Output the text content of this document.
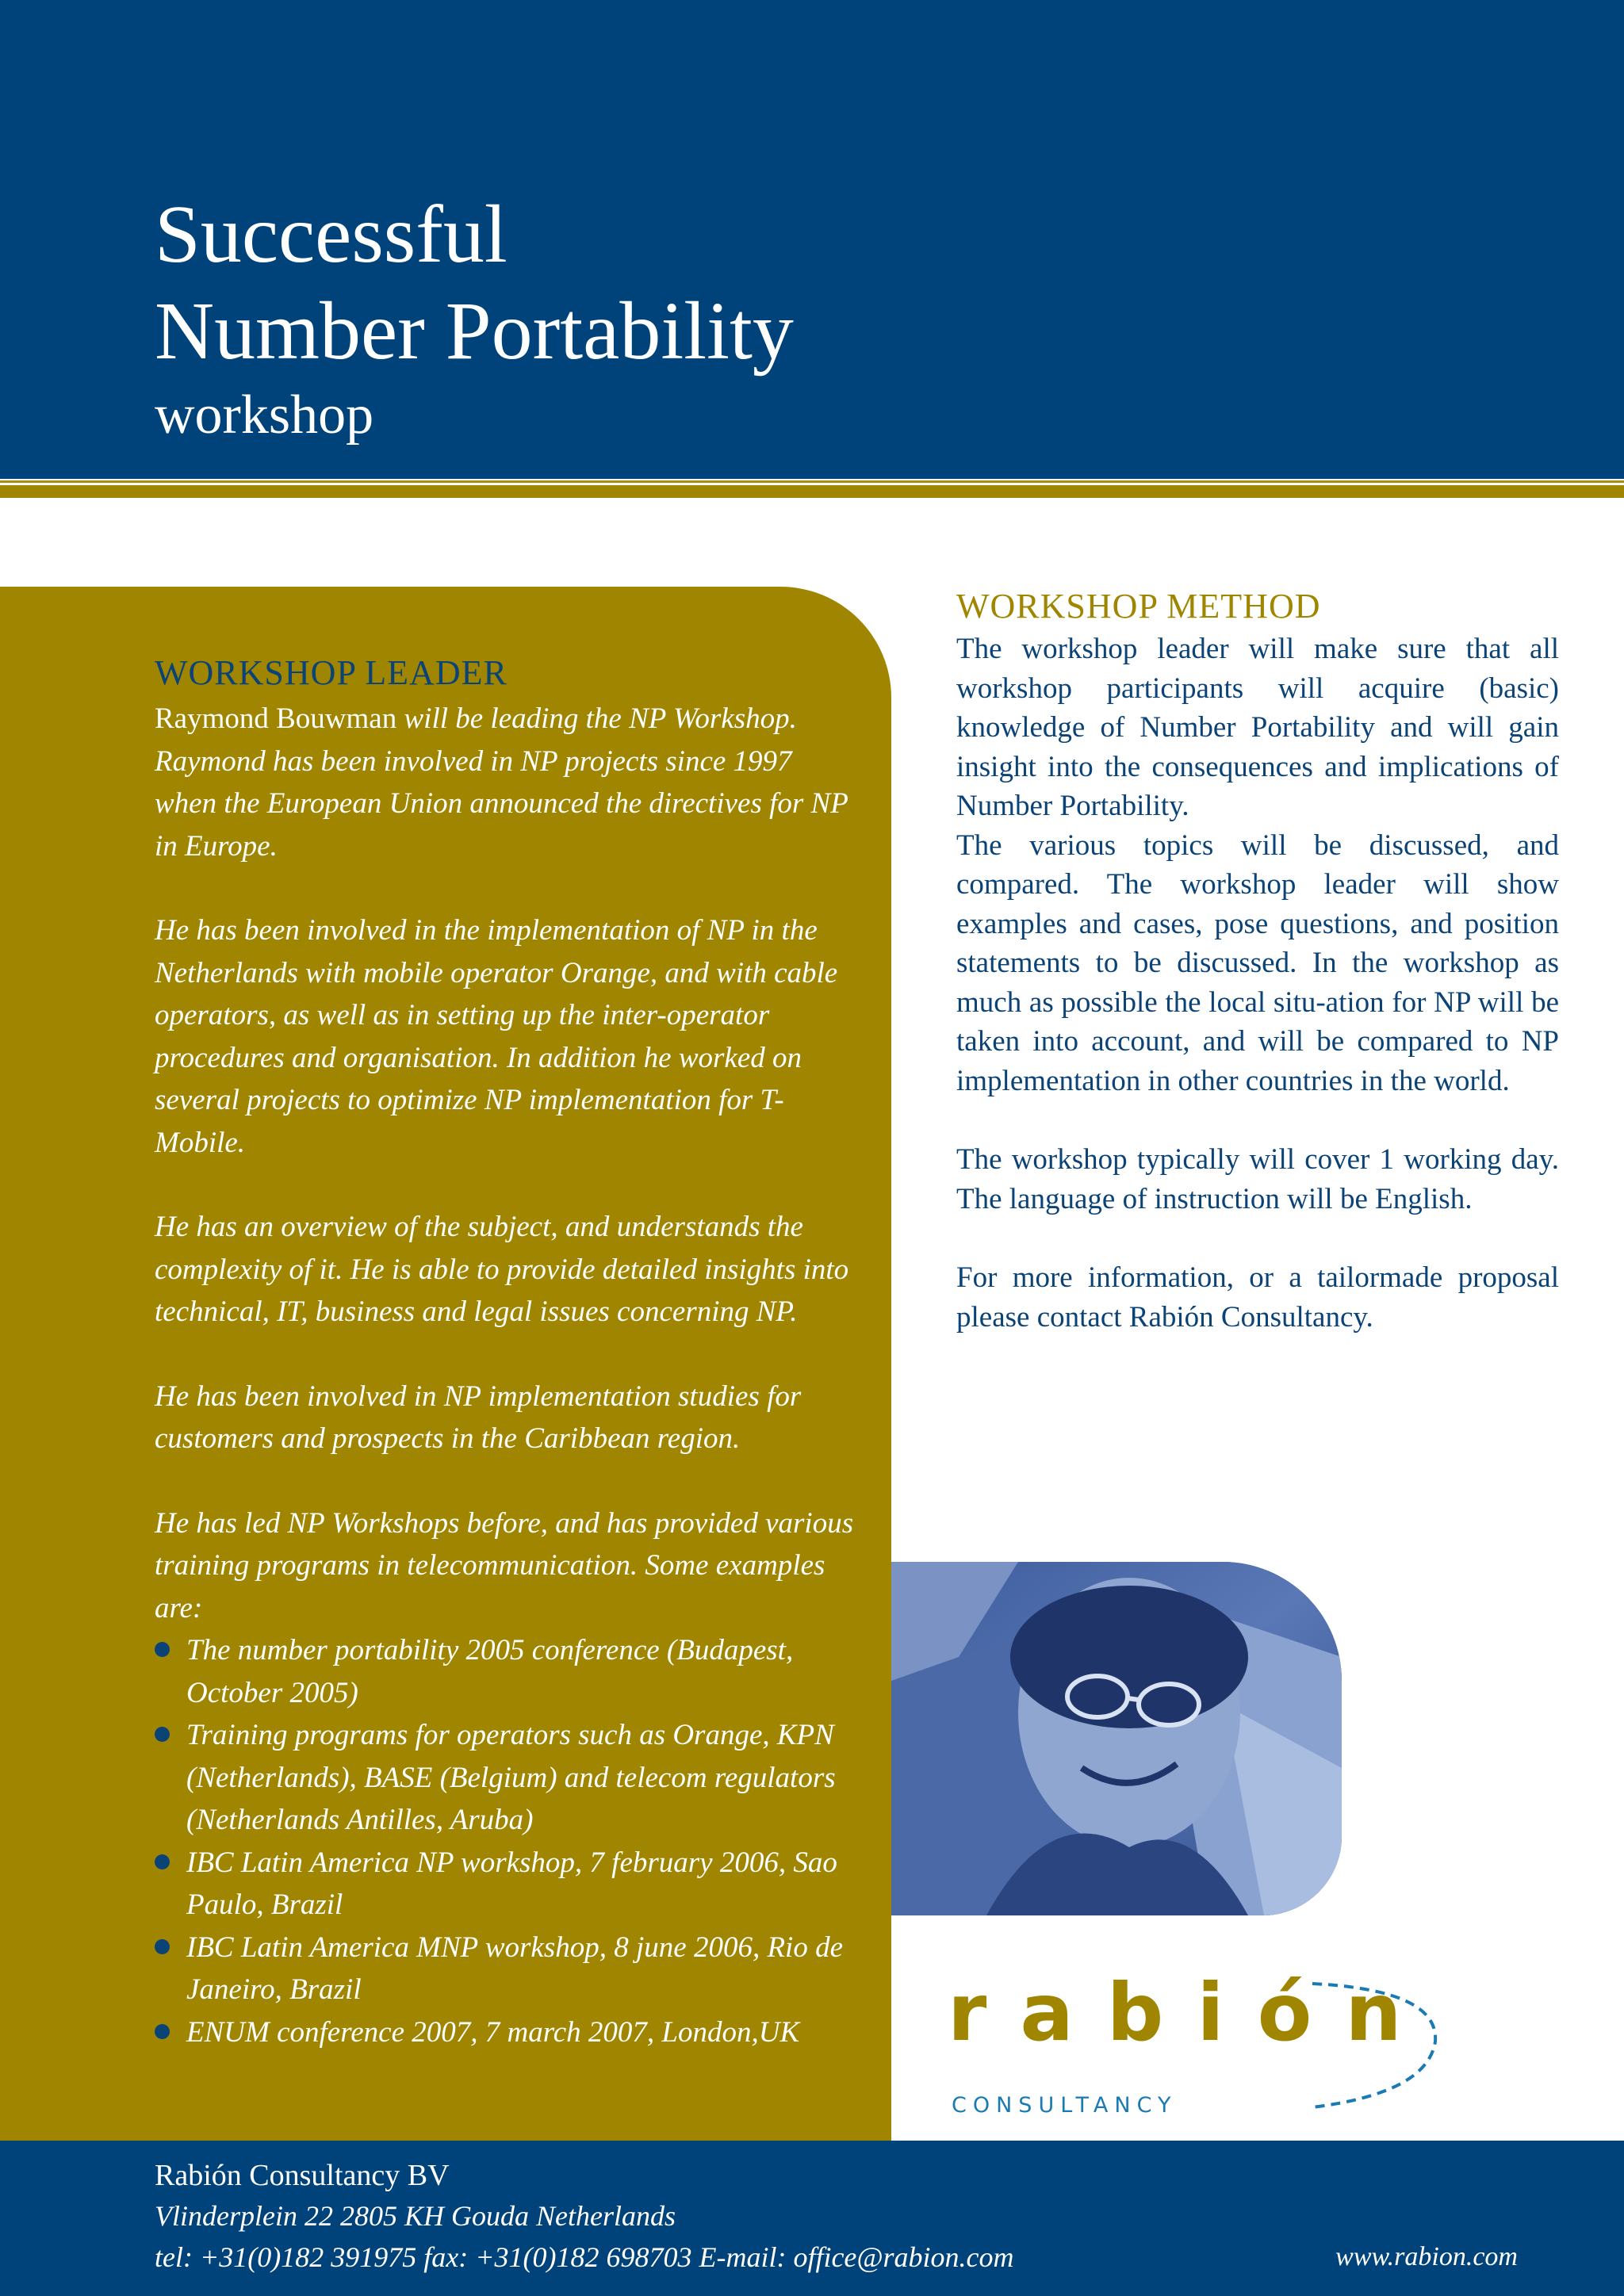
Successful
Number Portability
workshop
WORKSHOP LEADER

Raymond Bouwman will be leading the NP Workshop. Raymond has been involved in NP projects since 1997 when the European Union announced the directives for NP in Europe.

He has been involved in the implementation of NP in the Netherlands with mobile operator Orange, and with cable operators, as well as in setting up the inter-operator procedures and organisation. In addition he worked on several projects to optimize NP implementation for T-Mobile.

He has an overview of the subject, and understands the complexity of it. He is able to provide detailed insights into technical, IT, business and legal issues concerning NP.

He has been involved in NP implementation studies for customers and prospects in the Caribbean region.

He has led NP Workshops before, and has provided various training programs in telecommunication. Some examples are:

The number portability 2005 conference (Budapest, October 2005)
Training programs for operators such as Orange, KPN (Netherlands), BASE (Belgium) and telecom regulators (Netherlands Antilles, Aruba)
IBC Latin America NP workshop, 7 february 2006, Sao Paulo, Brazil
IBC Latin America MNP workshop, 8 june 2006, Rio de Janeiro, Brazil
ENUM conference 2007, 7 march 2007, London,UK
WORKSHOP METHOD

The workshop leader will make sure that all workshop participants will acquire (basic) knowledge of Number Portability and will gain insight into the consequences and implications of Number Portability.

The various topics will be discussed, and compared. The workshop leader will show examples and cases, pose questions, and position statements to be discussed. In the workshop as much as possible the local situ-ation for NP will be taken into account, and will be compared to NP implementation in other countries in the world.

The workshop typically will cover 1 working day. The language of instruction will be English.

For more information, or a tailormade proposal please contact Rabión Consultancy.

rabión
CONSULTANCY
Rabión Consultancy BV
Vlinderplein 22 2805 KH Gouda Netherlands
tel: +31(0)182 391975 fax: +31(0)182 698703 E-mail: office@rabion.com	www.rabion.com
